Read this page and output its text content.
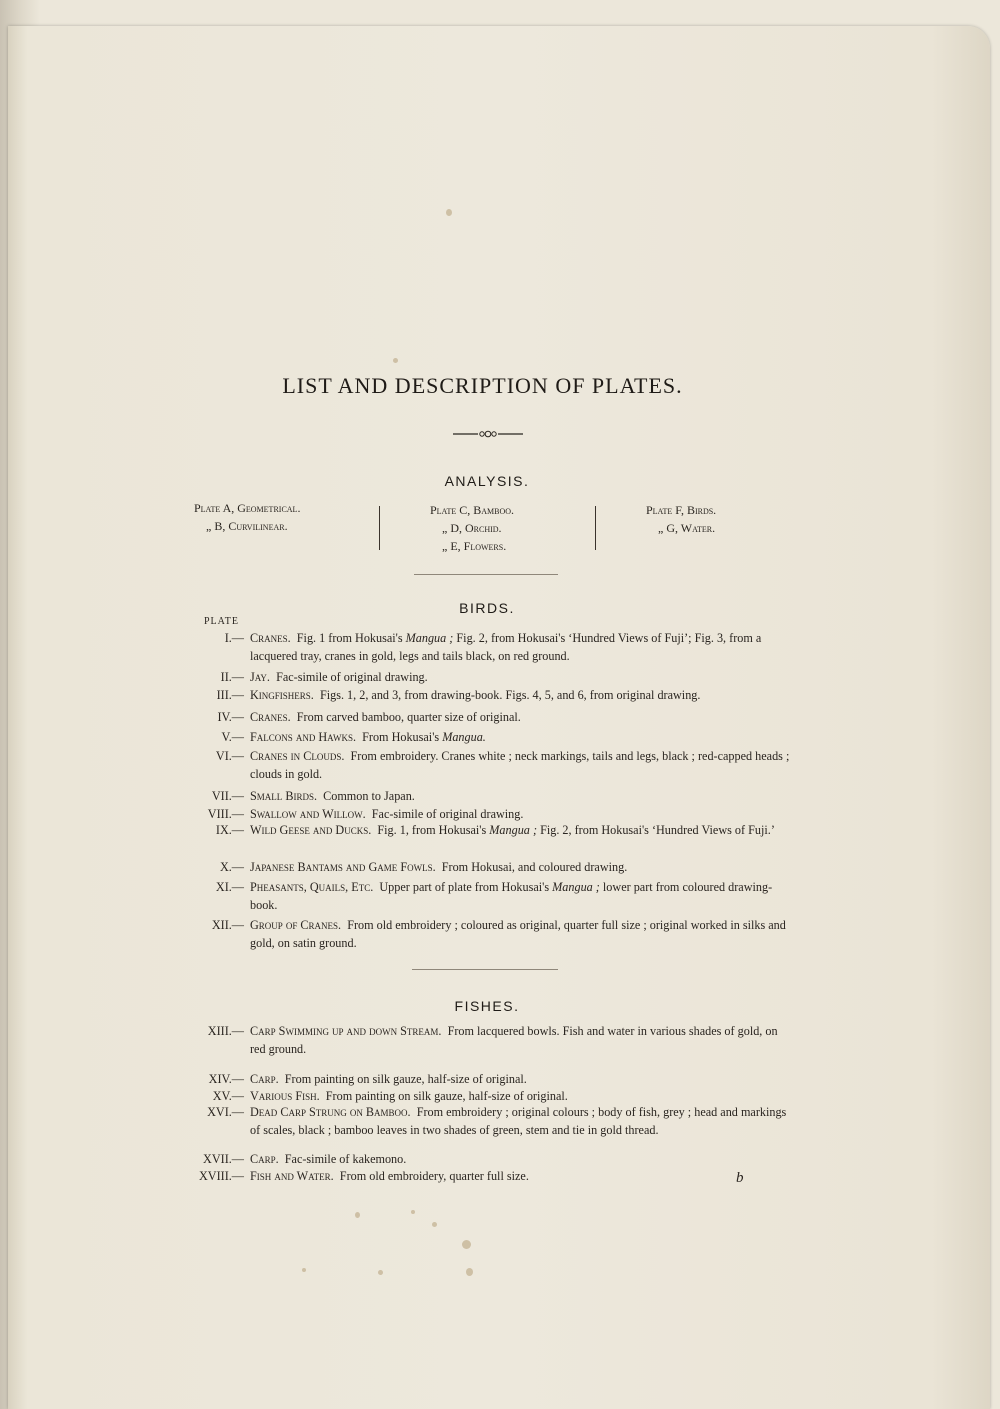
LIST AND DESCRIPTION OF PLATES.
ANALYSIS.
Plate A, Geometrical.
„ B, Curvilinear.
Plate C, Bamboo.
„ D, Orchid.
„ E, Flowers.
Plate F, Birds.
„ G, Water.
BIRDS.
PLATE
I.— Cranes.  Fig. 1 from Hokusai's Mangua ; Fig. 2, from Hokusai's ‘Hundred Views of Fuji’; Fig. 3, from a lacquered tray, cranes in gold, legs and tails black, on red ground.
II.— Jay.  Fac-simile of original drawing.
III.— Kingfishers.  Figs. 1, 2, and 3, from drawing-book. Figs. 4, 5, and 6, from original drawing.
IV.— Cranes.  From carved bamboo, quarter size of original.
V.— Falcons and Hawks.  From Hokusai's Mangua.
VI.— Cranes in Clouds.  From embroidery. Cranes white ; neck markings, tails and legs, black ; red-capped heads ; clouds in gold.
VII.— Small Birds.  Common to Japan.
VIII.— Swallow and Willow.  Fac-simile of original drawing.
IX.— Wild Geese and Ducks.  Fig. 1, from Hokusai's Mangua ; Fig. 2, from Hokusai's ‘Hundred Views of Fuji.’
X.— Japanese Bantams and Game Fowls.  From Hokusai, and coloured drawing.
XI.— Pheasants, Quails, Etc.  Upper part of plate from Hokusai's Mangua ; lower part from coloured drawing-book.
XII.— Group of Cranes.  From old embroidery ; coloured as original, quarter full size ; original worked in silks and gold, on satin ground.
FISHES.
XIII.— Carp Swimming up and down Stream.  From lacquered bowls. Fish and water in various shades of gold, on red ground.
XIV.— Carp.  From painting on silk gauze, half-size of original.
XV.— Various Fish.  From painting on silk gauze, half-size of original.
XVI.— Dead Carp Strung on Bamboo.  From embroidery ; original colours ; body of fish, grey ; head and markings of scales, black ; bamboo leaves in two shades of green, stem and tie in gold thread.
XVII.— Carp.  Fac-simile of kakemono.
XVIII.— Fish and Water.  From old embroidery, quarter full size.	b
